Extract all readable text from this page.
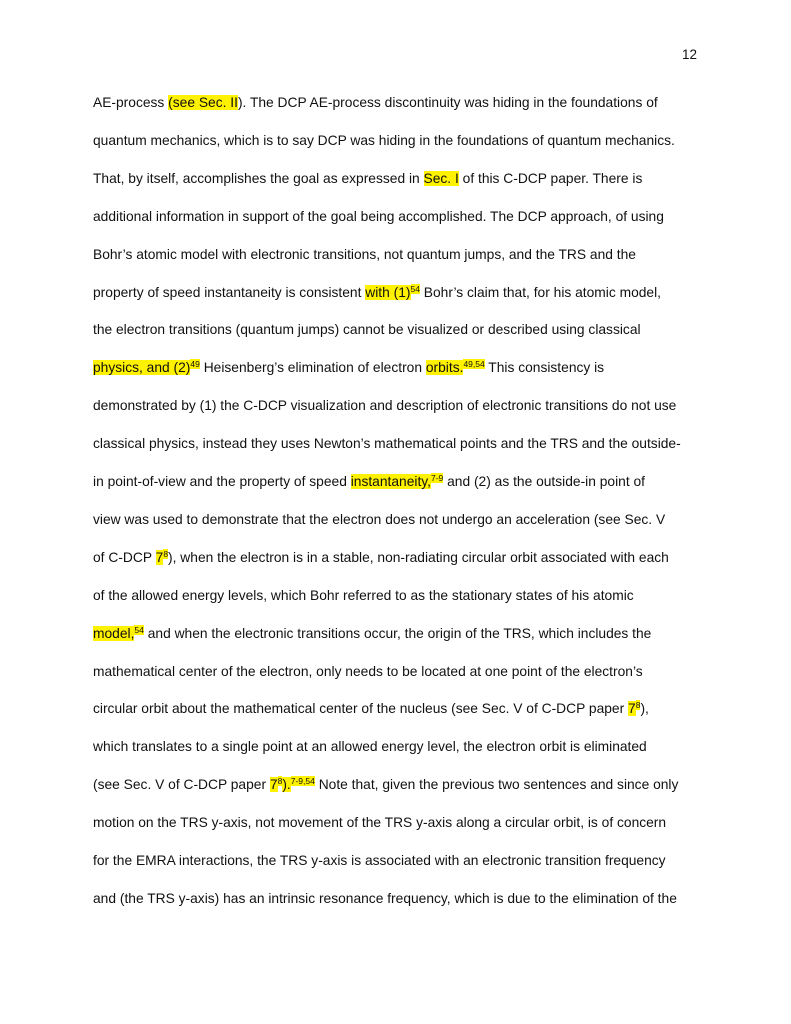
12
AE-process (see Sec. II). The DCP AE-process discontinuity was hiding in the foundations of
quantum mechanics, which is to say DCP was hiding in the foundations of quantum mechanics.
That, by itself, accomplishes the goal as expressed in Sec. I of this C-DCP paper. There is
additional information in support of the goal being accomplished. The DCP approach, of using
Bohr’s atomic model with electronic transitions, not quantum jumps, and the TRS and the
property of speed instantaneity is consistent with $(1)^{54}$ Bohr’s claim that, for his atomic model,
the electron transitions (quantum jumps) cannot be visualized or described using classical
physics, and $(2)^{49}$ Heisenberg’s elimination of electron orbits.$^{49,54}$ This consistency is
demonstrated by (1) the C-DCP visualization and description of electronic transitions do not use
classical physics, instead they uses Newton’s mathematical points and the TRS and the outside-
in point-of-view and the property of speed instantaneity,$^{7-9}$ and (2) as the outside-in point of
view was used to demonstrate that the electron does not undergo an acceleration (see Sec. V
of C-DCP $7^8$), when the electron is in a stable, non-radiating circular orbit associated with each
of the allowed energy levels, which Bohr referred to as the stationary states of his atomic
model,$^{54}$ and when the electronic transitions occur, the origin of the TRS, which includes the
mathematical center of the electron, only needs to be located at one point of the electron’s
circular orbit about the mathematical center of the nucleus (see Sec. V of C-DCP paper $7^8$),
which translates to a single point at an allowed energy level, the electron orbit is eliminated
(see Sec. V of C-DCP paper $7^8).^{7-9,54}$ Note that, given the previous two sentences and since only
motion on the TRS y-axis, not movement of the TRS y-axis along a circular orbit, is of concern
for the EMRA interactions, the TRS y-axis is associated with an electronic transition frequency
and (the TRS y-axis) has an intrinsic resonance frequency, which is due to the elimination of the
